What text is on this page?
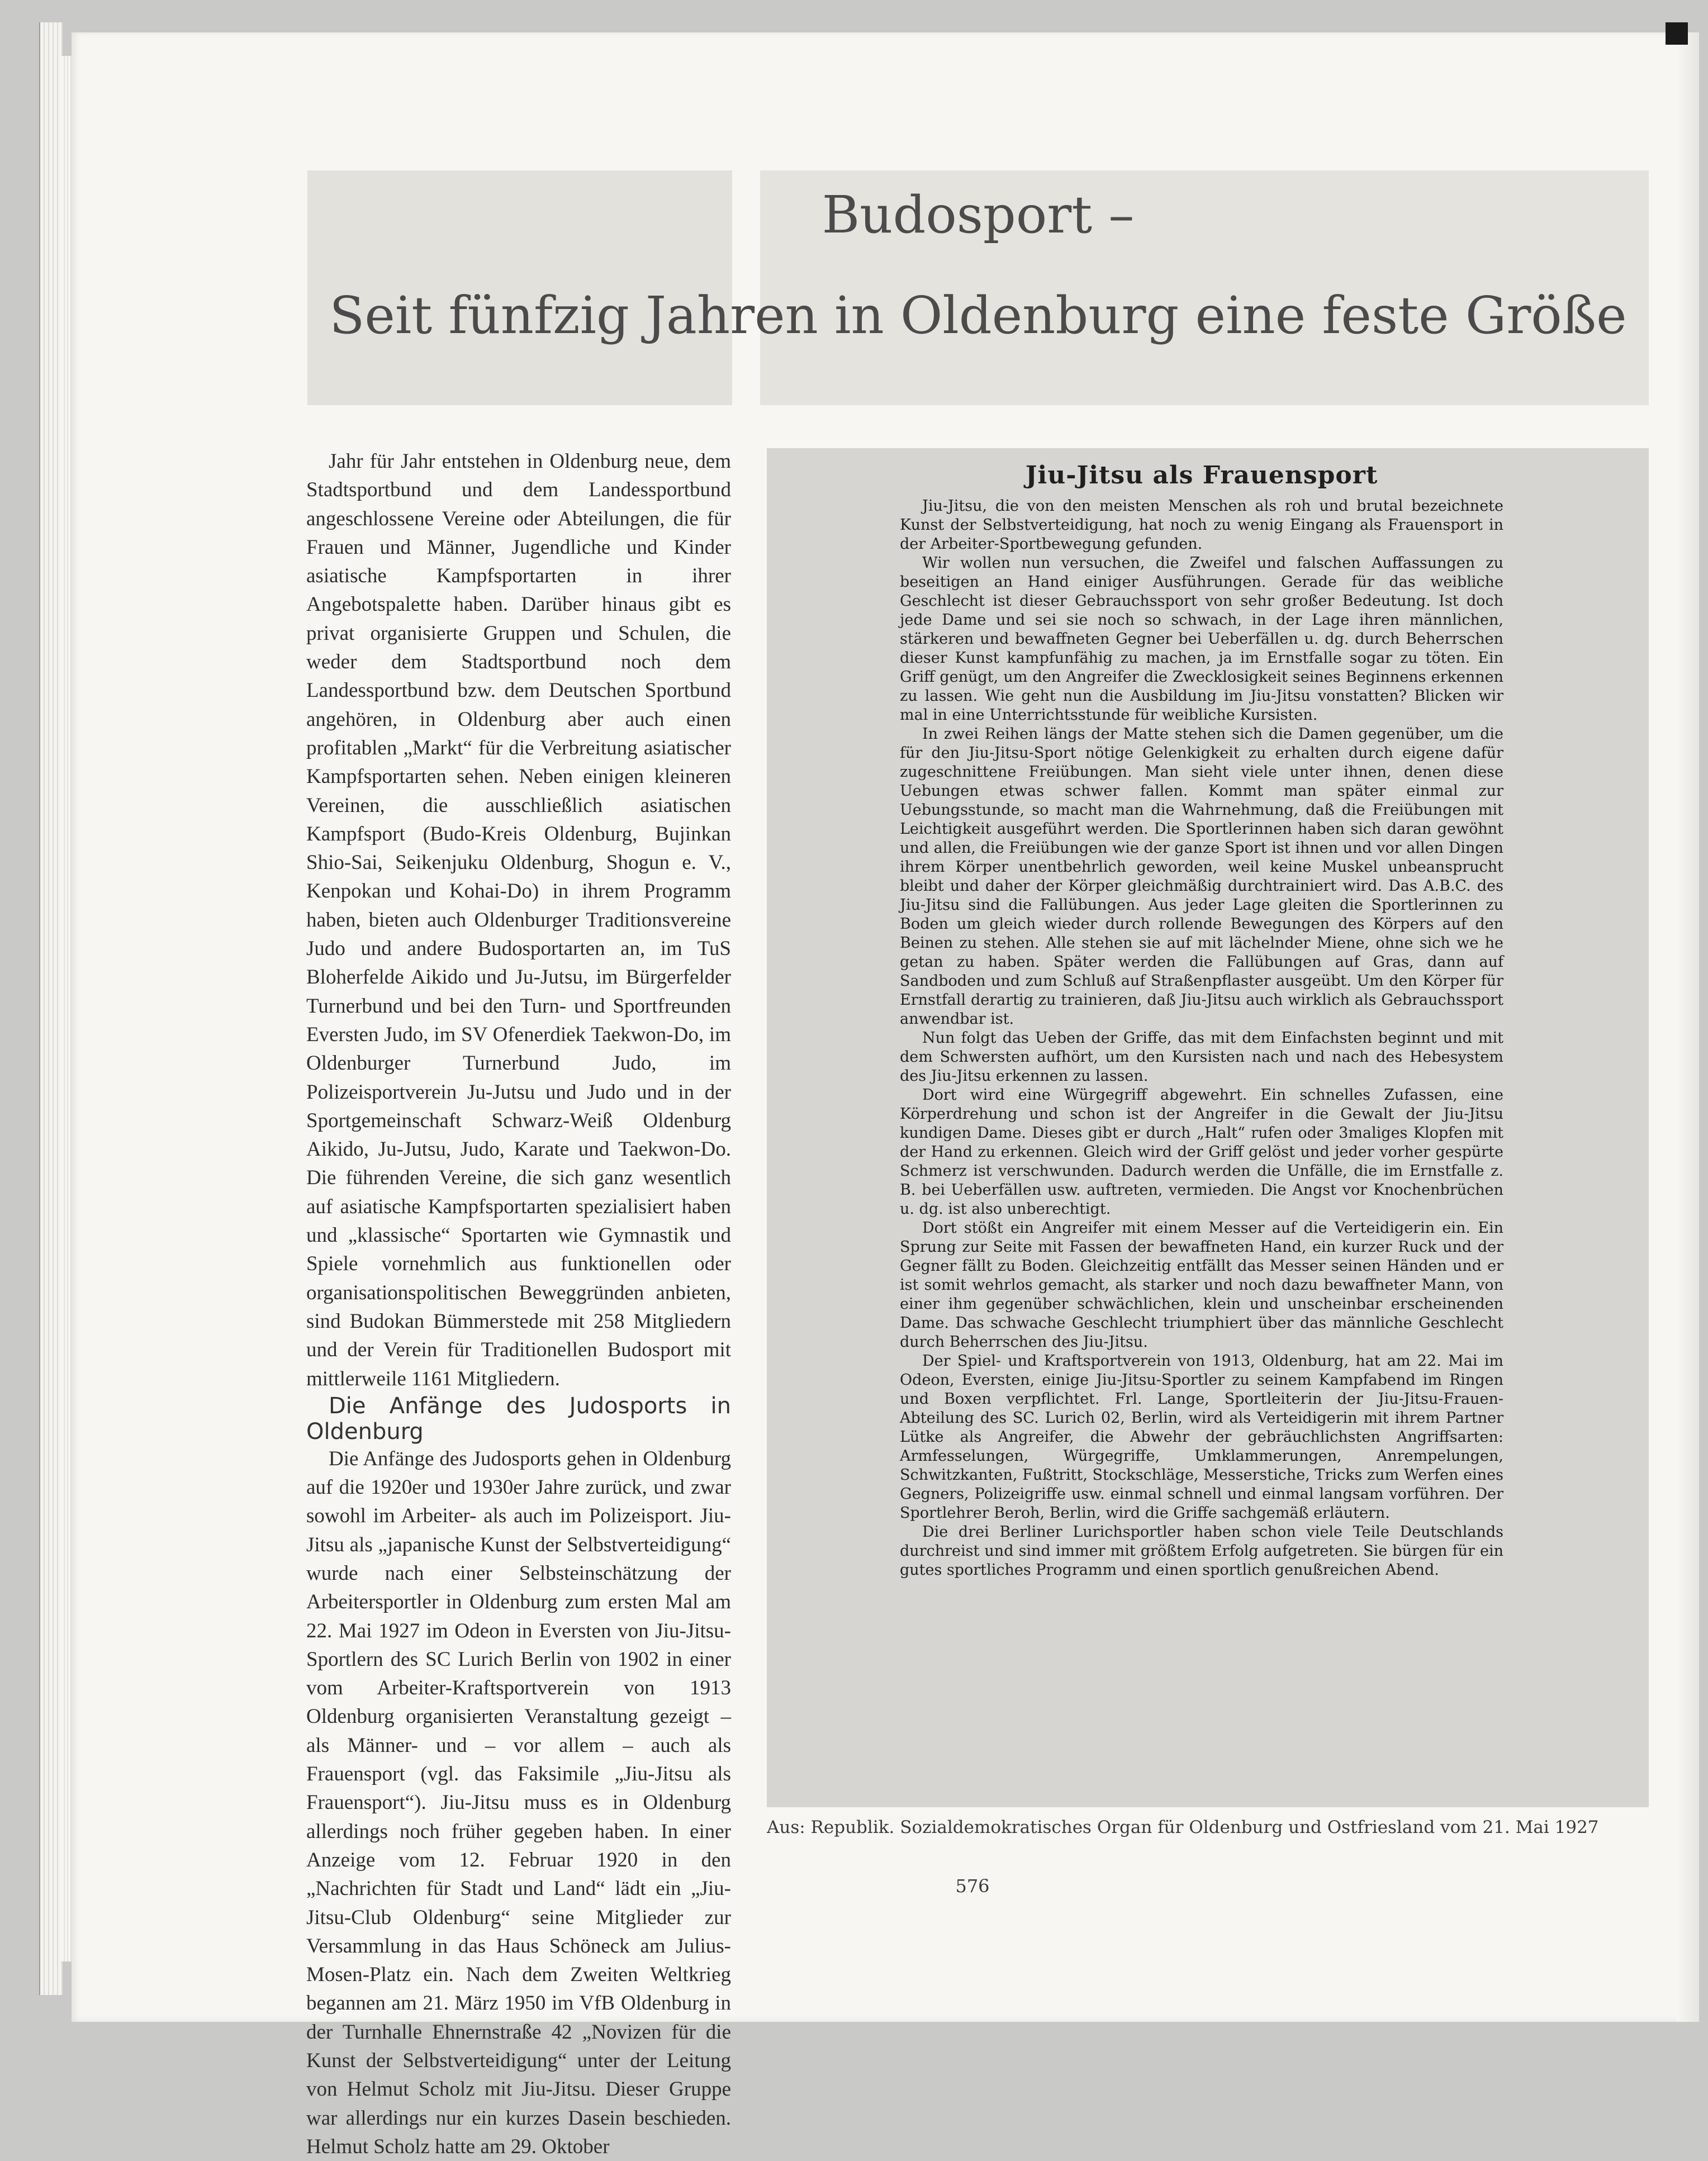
Budosport –
Seit fünfzig Jahren in Oldenburg eine feste Größe

Jahr für Jahr entstehen in Oldenburg neue, dem Stadtsportbund und dem Landessportbund angeschlossene Vereine oder Abteilungen, die für Frauen und Männer, Jugendliche und Kinder asiatische Kampfsportarten in ihrer Angebotspalette haben. Darüber hinaus gibt es privat organisierte Gruppen und Schulen, die weder dem Stadtsportbund noch dem Landessportbund bzw. dem Deutschen Sportbund angehören, in Oldenburg aber auch einen profitablen „Markt“ für die Verbreitung asiatischer Kampfsportarten sehen. Neben einigen kleineren Vereinen, die ausschließlich asiatischen Kampfsport (Budo-Kreis Oldenburg, Bujinkan Shio-Sai, Seikenjuku Oldenburg, Shogun e. V., Kenpokan und Kohai-Do) in ihrem Programm haben, bieten auch Oldenburger Traditionsvereine Judo und andere Budosportarten an, im TuS Bloherfelde Aikido und Ju-Jutsu, im Bürgerfelder Turnerbund und bei den Turn- und Sportfreunden Eversten Judo, im SV Ofenerdiek Taekwon-Do, im Oldenburger Turnerbund Judo, im Polizeisportverein Ju-Jutsu und Judo und in der Sportgemeinschaft Schwarz-Weiß Oldenburg Aikido, Ju-Jutsu, Judo, Karate und Taekwon-Do. Die führenden Vereine, die sich ganz wesentlich auf asiatische Kampfsportarten spezialisiert haben und „klassische“ Sportarten wie Gymnastik und Spiele vornehmlich aus funktionellen oder organisationspolitischen Beweggründen anbieten, sind Budokan Bümmerstede mit 258 Mitgliedern und der Verein für Traditionellen Budosport mit mittlerweile 1161 Mitgliedern.

Die Anfänge des Judosports in Oldenburg

Die Anfänge des Judosports gehen in Oldenburg auf die 1920er und 1930er Jahre zurück, und zwar sowohl im Arbeiter- als auch im Polizeisport. Jiu-Jitsu als „japanische Kunst der Selbstverteidigung“ wurde nach einer Selbsteinschätzung der Arbeitersportler in Oldenburg zum ersten Mal am 22. Mai 1927 im Odeon in Eversten von Jiu-Jitsu-Sportlern des SC Lurich Berlin von 1902 in einer vom Arbeiter-Kraftsportverein von 1913 Oldenburg organisierten Veranstaltung gezeigt – als Männer- und – vor allem – auch als Frauensport (vgl. das Faksimile „Jiu-Jitsu als Frauensport“). Jiu-Jitsu muss es in Oldenburg allerdings noch früher gegeben haben. In einer Anzeige vom 12. Februar 1920 in den „Nachrichten für Stadt und Land“ lädt ein „Jiu-Jitsu-Club Oldenburg“ seine Mitglieder zur Versammlung in das Haus Schöneck am Julius-Mosen-Platz ein. Nach dem Zweiten Weltkrieg begannen am 21. März 1950 im VfB Oldenburg in der Turnhalle Ehnernstraße 42 „Novizen für die Kunst der Selbstverteidigung“ unter der Leitung von Helmut Scholz mit Jiu-Jitsu. Dieser Gruppe war allerdings nur ein kurzes Dasein beschieden. Helmut Scholz hatte am 29. Oktober

Jiu-Jitsu als Frauensport

Jiu-Jitsu, die von den meisten Menschen als roh und brutal bezeichnete Kunst der Selbstverteidigung, hat noch zu wenig Eingang als Frauensport in der Arbeiter-Sportbewegung gefunden.

Wir wollen nun versuchen, die Zweifel und falschen Auffassungen zu beseitigen an Hand einiger Ausführungen. Gerade für das weibliche Geschlecht ist dieser Gebrauchssport von sehr großer Bedeutung. Ist doch jede Dame und sei sie noch so schwach, in der Lage ihren männlichen, stärkeren und bewaffneten Gegner bei Ueberfällen u. dg. durch Beherrschen dieser Kunst kampfunfähig zu machen, ja im Ernstfalle sogar zu töten. Ein Griff genügt, um den Angreifer die Zwecklosigkeit seines Beginnens erkennen zu lassen. Wie geht nun die Ausbildung im Jiu-Jitsu vonstatten? Blicken wir mal in eine Unterrichtsstunde für weibliche Kursisten.

In zwei Reihen längs der Matte stehen sich die Damen gegenüber, um die für den Jiu-Jitsu-Sport nötige Gelenkigkeit zu erhalten durch eigene dafür zugeschnittene Freiübungen. Man sieht viele unter ihnen, denen diese Uebungen etwas schwer fallen. Kommt man später einmal zur Uebungsstunde, so macht man die Wahrnehmung, daß die Freiübungen mit Leichtigkeit ausgeführt werden. Die Sportlerinnen haben sich daran gewöhnt und allen, die Freiübungen wie der ganze Sport ist ihnen und vor allen Dingen ihrem Körper unentbehrlich geworden, weil keine Muskel unbeansprucht bleibt und daher der Körper gleichmäßig durchtrainiert wird. Das A.B.C. des Jiu-Jitsu sind die Fallübungen. Aus jeder Lage gleiten die Sportlerinnen zu Boden um gleich wieder durch rollende Bewegungen des Körpers auf den Beinen zu stehen. Alle stehen sie auf mit lächelnder Miene, ohne sich we he getan zu haben. Später werden die Fallübungen auf Gras, dann auf Sandboden und zum Schluß auf Straßenpflaster ausgeübt. Um den Körper für Ernstfall derartig zu trainieren, daß Jiu-Jitsu auch wirklich als Gebrauchssport anwendbar ist.

Nun folgt das Ueben der Griffe, das mit dem Einfachsten beginnt und mit dem Schwersten aufhört, um den Kursisten nach und nach des Hebesystem des Jiu-Jitsu erkennen zu lassen.

Dort wird eine Würgegriff abgewehrt. Ein schnelles Zufassen, eine Körperdrehung und schon ist der Angreifer in die Gewalt der Jiu-Jitsu kundigen Dame. Dieses gibt er durch „Halt“ rufen oder 3maliges Klopfen mit der Hand zu erkennen. Gleich wird der Griff gelöst und jeder vorher gespürte Schmerz ist verschwunden. Dadurch werden die Unfälle, die im Ernstfalle z. B. bei Ueberfällen usw. auftreten, vermieden. Die Angst vor Knochenbrüchen u. dg. ist also unberechtigt.

Dort stößt ein Angreifer mit einem Messer auf die Verteidigerin ein. Ein Sprung zur Seite mit Fassen der bewaffneten Hand, ein kurzer Ruck und der Gegner fällt zu Boden. Gleichzeitig entfällt das Messer seinen Händen und er ist somit wehrlos gemacht, als starker und noch dazu bewaffneter Mann, von einer ihm gegenüber schwächlichen, klein und unscheinbar erscheinenden Dame. Das schwache Geschlecht triumphiert über das männliche Geschlecht durch Beherrschen des Jiu-Jitsu.

Der Spiel- und Kraftsportverein von 1913, Oldenburg, hat am 22. Mai im Odeon, Eversten, einige Jiu-Jitsu-Sportler zu seinem Kampfabend im Ringen und Boxen verpflichtet. Frl. Lange, Sportleiterin der Jiu-Jitsu-Frauen-Abteilung des SC. Lurich 02, Berlin, wird als Verteidigerin mit ihrem Partner Lütke als Angreifer, die Abwehr der gebräuchlichsten Angriffsarten: Armfesselungen, Würgegriffe, Umklammerungen, Anrempelungen, Schwitzkanten, Fußtritt, Stockschläge, Messerstiche, Tricks zum Werfen eines Gegners, Polizeigriffe usw. einmal schnell und einmal langsam vorführen. Der Sportlehrer Beroh, Berlin, wird die Griffe sachgemäß erläutern.

Die drei Berliner Lurichsportler haben schon viele Teile Deutschlands durchreist und sind immer mit größtem Erfolg aufgetreten. Sie bürgen für ein gutes sportliches Programm und einen sportlich genußreichen Abend.

Aus: Republik. Sozialdemokratisches Organ für Oldenburg und Ostfriesland vom 21. Mai 1927
576
